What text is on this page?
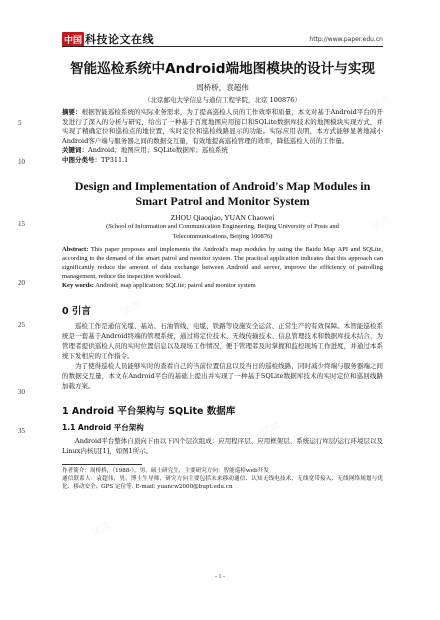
中国 科技论文在线	http://www.paper.edu.cn
试读
试读
试读
试读
试读
5
10
15
20
25
30
35
智能巡检系统中Android端地图模块的设计与实现
周桥桥，袁超伟
（北京邮电大学信息与通信工程学院，北京 100876）
摘要：根据智能巡检系统的实际业务需求，为了提高巡检人员的工作效率和质量，本文对基于Android平台的开发进行了深入的分析与研究，给出了一种基于百度地图应用接口和SQLite数据库技术的地图模块实现方式，并实现了精确定位和巡检点的地位置，实时定位和巡检线路显示的功能。实际应用表明，本方式能够显著地减小Android客户端与服务器之间的数据交互量，有效地提高巡检管理的效率，降低巡检人员的工作量。
关键词：Android；地图应用；SQLite数据库；巡检系统
中图分类号：TP311.1
Design and Implementation of Android's Map Modules in Smart Patrol and Monitor System
ZHOU Qiaoqiao, YUAN Chaowei
(School of Information and Communication Engineering, Beijing University of Posts and
Telecommunications, Beijing 100876)
Abstract: This paper proposes and implements the Android's map modules by using the Baidu Map API and SQLite, according to the demand of the smart patrol and monitor system. The practical application indicates that this approach can significantly reduce the amount of data exchange between Android and server, improve the efficiency of patrolling management, reduce the inspection workload.
Key words: Android; map application; SQLite; patrol and monitor system
0 引言

巡检工作是通信光缆、基站、石油管线、电缆、铁路等设施安全运营、正常生产的有效保障。本智能巡检系统是一套基于Android终端的管理系统，通过将定位技术、无线传输技术、信息管理技术和数据库技术结合，为管理者提供巡检人员的实时位置信息以及现场工作情况，便于管理者及时掌握和监控现场工作进度，并通过本系统下发相应的工作指令。

为了使得巡检人员能够实时的查看自己的当前位置信息以及当日的巡检线路，同时减少终端与服务器端之间的数据交互量，本文在Android平台的基础上提出并实现了一种基于SQLite数据库技术的实时定位和巡回线路加载方案。

1 Android 平台架构与 SQLite 数据库
1.1 Android 平台架构

Android平台整体自顶向下由以下四个层次组成：应用程序层、应用框架层、系统运行库层/运行环境层以及Linux内核层[1]，如图1所示。

作者简介：周桥桥，（1988-），男，硕士研究生，主要研究方向：智能巡检web开发
通信联系人：袁超伟，男，博士生导师，研究方向主要包括未来移动通信、认知无线电技术、无线宽带接入、无线网络规划与优化、移动安全、GPS 定位等. E-mail: yuancw2000@bupt.edu.cn
- 1 -
